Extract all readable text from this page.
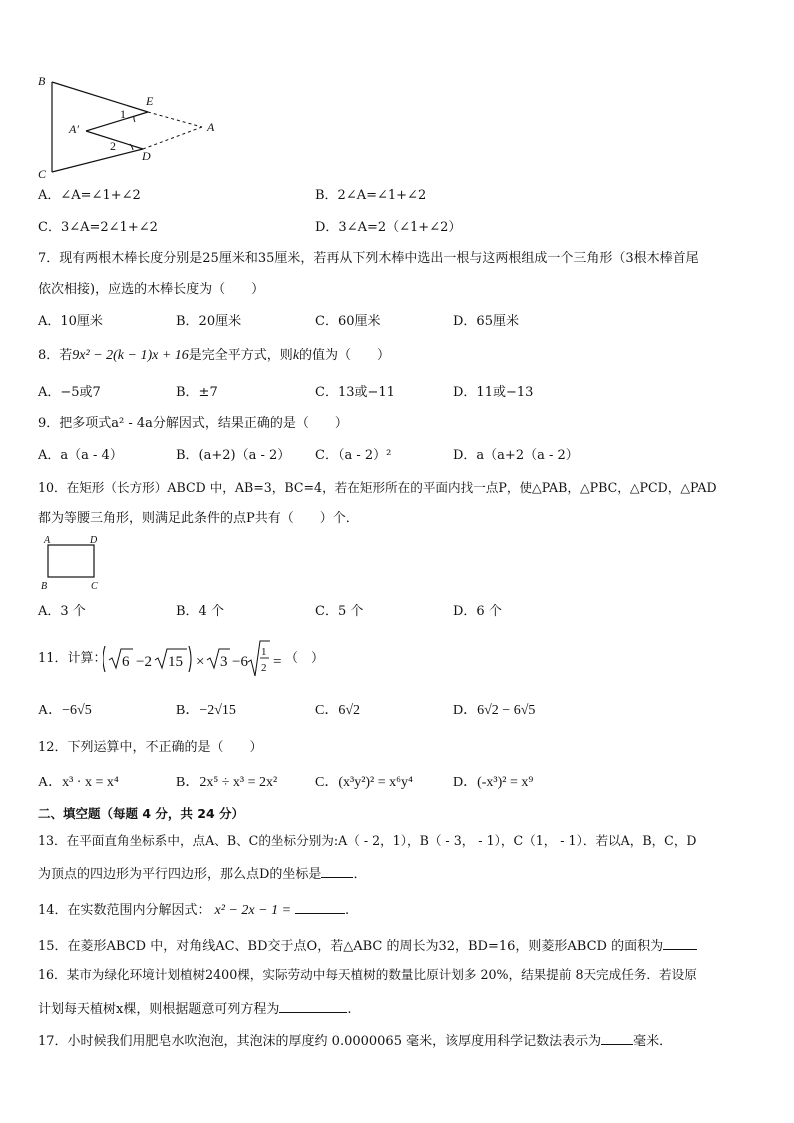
B
E
1
A′	A
2
D
C
A．∠A=∠1+∠2	B．2∠A=∠1+∠2
C．3∠A=2∠1+∠2	D．3∠A=2（∠1+∠2）
7．现有两根木棒长度分别是25厘米和35厘米，若再从下列木棒中选出一根与这两根组成一个三角形（3根木棒首尾
依次相接)，应选的木棒长度为（　　）
A．10厘米	B．20厘米	C．60厘米	D．65厘米
8．若9x² − 2(k − 1)x + 16是完全平方式，则k的值为（　　）
A．−5或7	B．±7	C．13或−11	D．11或−13
9．把多项式a² - 4a分解因式，结果正确的是（　　）
A．a（a - 4）	B．(a+2)（a - 2） C．（a - 2）²	D．a（a+2（a - 2）
10．在矩形（长方形）ABCD 中，AB=3，BC=4，若在矩形所在的平面内找一点P，使△PAB，△PBC，△PCD，△PAD
都为等腰三角形，则满足此条件的点P共有（　　）个．
A	D
B	C
A．3 个	B．4 个	C．5 个	D．6 个
11．计算： 6 −2 15 × 3 −6
1
2 = （　）
A．−6√5	B．−2√15	C．6√2	D．6√2 − 6√5
12．下列运算中，不正确的是（　　）
A．x³ · x = x⁴	B．2x⁵ ÷ x³ = 2x²	C．(x³y²)² = x⁶y⁴	D．(-x³)² = x⁹
二、填空题（每题 4 分，共 24 分）
13．在平面直角坐标系中，点A、B、C的坐标分别为:A（ - 2，1），B（ - 3， - 1），C（1， - 1）．若以A，B，C，D
为顶点的四边形为平行四边形，那么点D的坐标是 ．
14．在实数范围内分解因式： x² − 2x − 1 =	.
15．在菱形ABCD 中，对角线AC、BD交于点O，若△ABC 的周长为32，BD=16，则菱形ABCD 的面积为
16．某市为绿化环境计划植树2400棵，实际劳动中每天植树的数量比原计划多 20%，结果提前 8天完成任务．若设原
计划每天植树x棵，则根据题意可列方程为	.
17．小时候我们用肥皂水吹泡泡，其泡沫的厚度约 0.0000065 毫米，该厚度用科学记数法表示为 毫米．
